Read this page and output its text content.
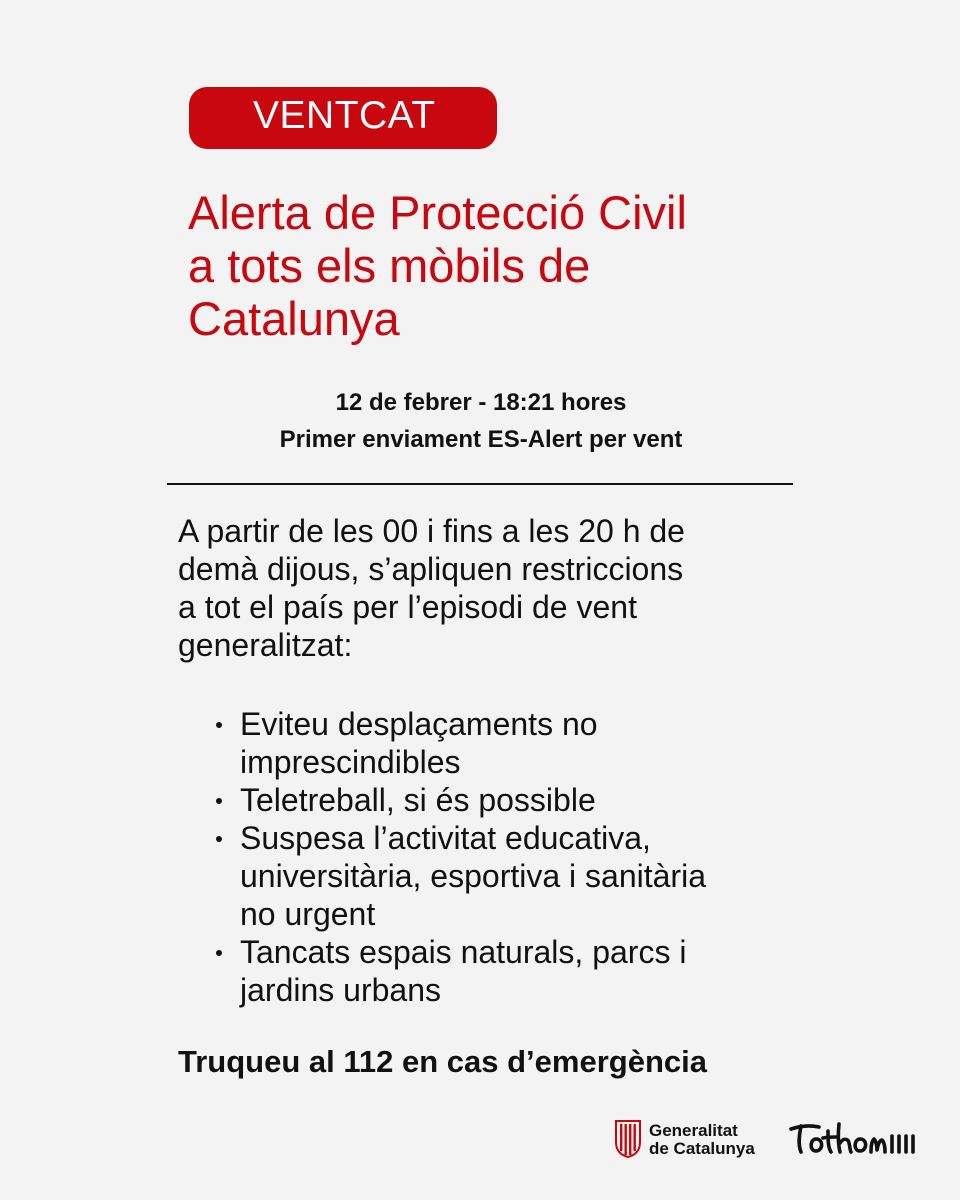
VENTCAT
Alerta de Protecció Civil
a tots els mòbils de
Catalunya
12 de febrer - 18:21 hores
Primer enviament ES-Alert per vent

A partir de les 00 i fins a les 20 h de
demà dijous, s’apliquen restriccions
a tot el país per l’episodi de vent
generalitzat:

Eviteu desplaçaments no
imprescindibles
Teletreball, si és possible
Suspesa l’activitat educativa,
universitària, esportiva i sanitària
no urgent
Tancats espais naturals, parcs i
jardins urbans
Truqueu al 112 en cas d’emergència
Generalitat
de Catalunya
